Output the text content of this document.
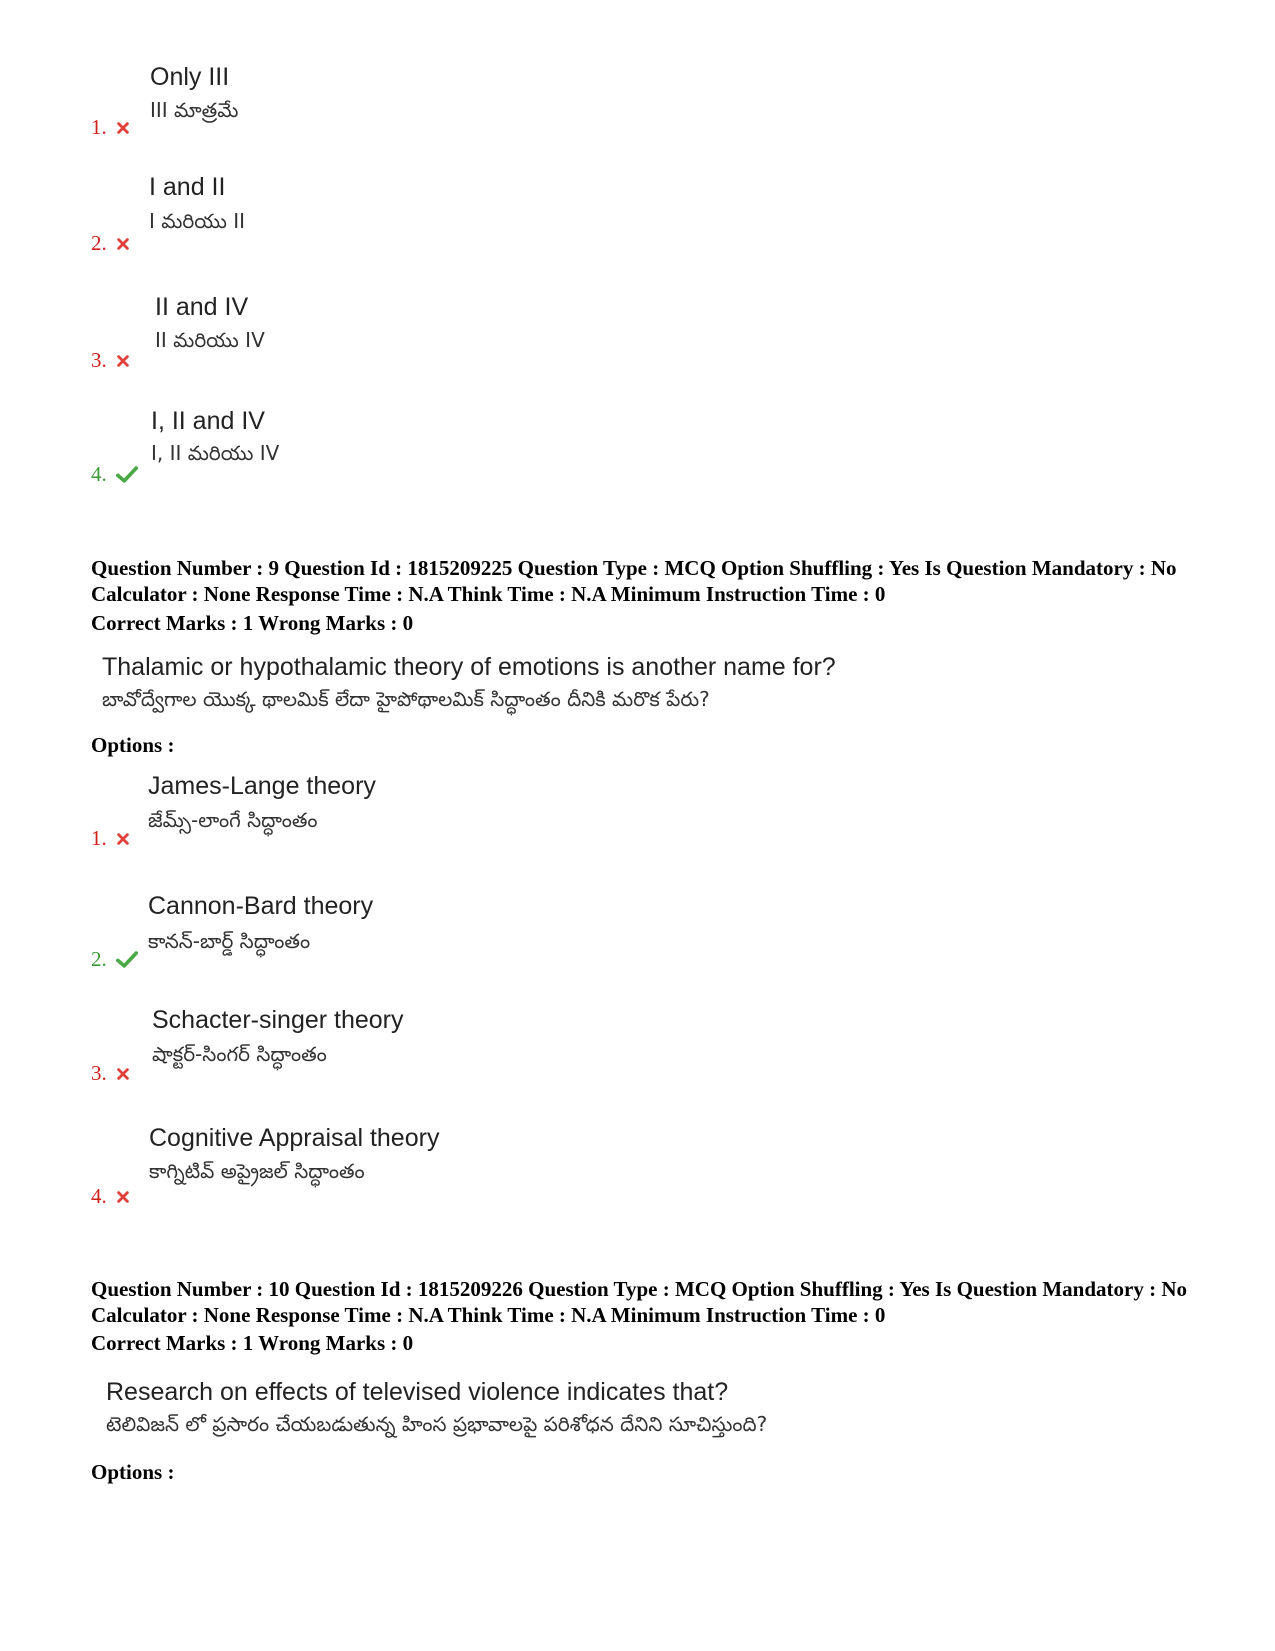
Only III
III మాత్రమే
1.
I and II
I మరియు II
2.
II and IV
II మరియు IV
3.
I, II and IV
I, II మరియు IV
4.
Question Number : 9 Question Id : 1815209225 Question Type : MCQ Option Shuffling : Yes Is Question Mandatory : No Calculator : None Response Time : N.A Think Time : N.A Minimum Instruction Time : 0
Correct Marks : 1 Wrong Marks : 0
Thalamic or hypothalamic theory of emotions is another name for?
బావోద్వేగాల యొక్క థాలమిక్ లేదా హైపోథాలమిక్ సిద్ధాంతం దీనికి మరొక పేరు?
Options :
James-Lange theory
జేమ్స్-లాంగే సిద్ధాంతం
1.
Cannon-Bard theory
కానన్-బార్డ్ సిద్ధాంతం
2.
Schacter-singer theory
షాక్టర్-సింగర్ సిద్ధాంతం
3.
Cognitive Appraisal theory
కాగ్నిటివ్ అప్రైజల్ సిద్ధాంతం
4.
Question Number : 10 Question Id : 1815209226 Question Type : MCQ Option Shuffling : Yes Is Question Mandatory : No Calculator : None Response Time : N.A Think Time : N.A Minimum Instruction Time : 0
Correct Marks : 1 Wrong Marks : 0
Research on effects of televised violence indicates that?
టెలివిజన్ లో ప్రసారం చేయబడుతున్న హింస ప్రభావాలపై పరిశోధన దేనిని సూచిస్తుంది?
Options :
